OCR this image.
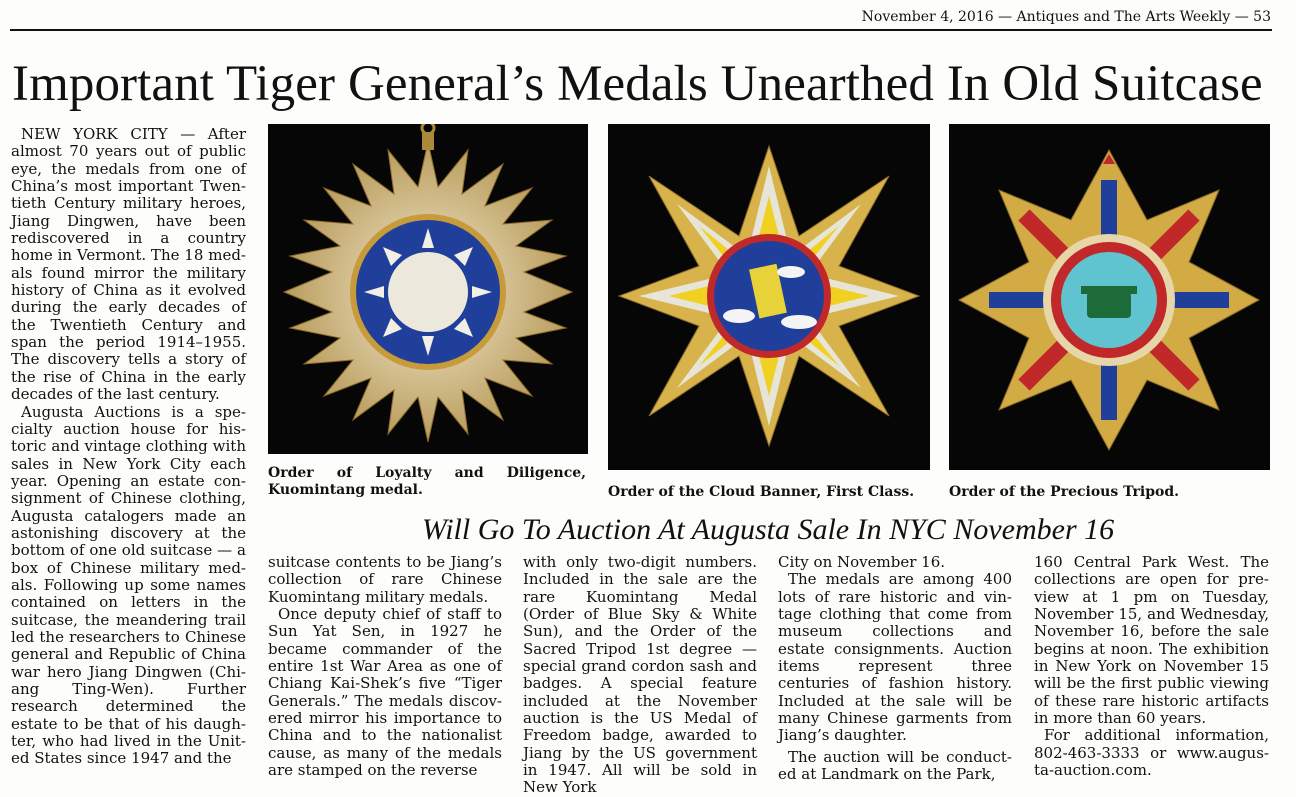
November 4, 2016 — Antiques and The Arts Weekly — 53
Important Tiger General’s Medals Unearthed In Old Suitcase

NEW YORK CITY — After almost 70 years out of public eye, the medals from one of China’s most important Twentieth Century military heroes, Jiang Dingwen, have been rediscovered in a country home in Vermont. The 18 medals found mirror the military history of China as it evolved during the early decades of the Twentieth Century and span the period 1914–1955. The discovery tells a story of the rise of China in the early decades of the last century.

Augusta Auctions is a specialty auction house for historic and vintage clothing with sales in New York City each year. Opening an estate consignment of Chinese clothing, Augusta catalogers made an astonishing discovery at the bottom of one old suitcase — a box of Chinese military medals. Following up some names contained on letters in the suitcase, the meandering trail led the researchers to Chinese general and Republic of China war hero Jiang Dingwen (Chiang Ting-Wen). Further research determined the estate to be that of his daughter, who had lived in the United States since 1947 and the

Order of Loyalty and Diligence, Kuomintang medal.	Order of the Cloud Banner, First Class.	Order of the Precious Tripod.
Will Go To Auction At Augusta Sale In NYC November 16

suitcase contents to be Jiang’s collection of rare Chinese Kuomintang military medals.

Once deputy chief of staff to Sun Yat Sen, in 1927 he became commander of the entire 1st War Area as one of Chiang Kai-Shek’s five “Tiger Generals.” The medals discovered mirror his importance to China and to the nationalist cause, as many of the medals are stamped on the reverse

with only two-digit numbers. Included in the sale are the rare Kuomintang Medal (Order of Blue Sky & White Sun), and the Order of the Sacred Tripod 1st degree — special grand cordon sash and badges. A special feature included at the November auction is the US Medal of Freedom badge, awarded to Jiang by the US government in 1947. All will be sold in New York

City on November 16.

The medals are among 400 lots of rare historic and vintage clothing that come from museum collections and estate consignments. Auction items represent three centuries of fashion history. Included at the sale will be many Chinese garments from Jiang’s daughter.

The auction will be conducted at Landmark on the Park,

160 Central Park West. The collections are open for preview at 1 pm on Tuesday, November 15, and Wednesday, November 16, before the sale begins at noon. The exhibition in New York on November 15 will be the first public viewing of these rare historic artifacts in more than 60 years.

For additional information, 802-463-3333 or www.augusta-auction.com.
